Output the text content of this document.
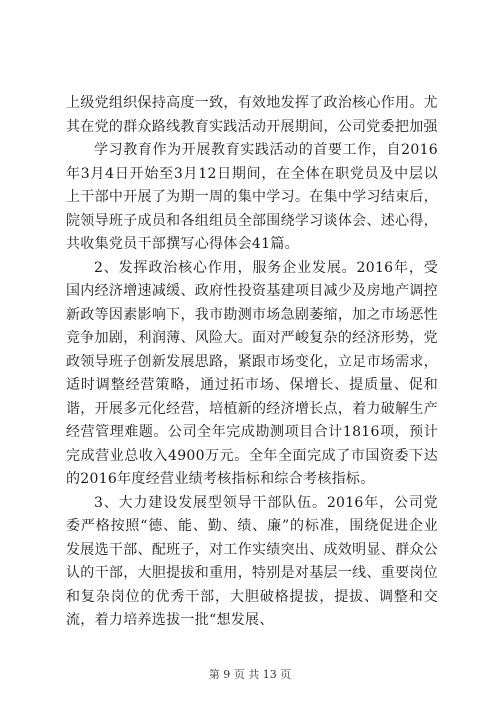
上级党组织保持高度一致，有效地发挥了政治核心作用。尤其在党的群众路线教育实践活动开展期间，公司党委把加强

学习教育作为开展教育实践活动的首要工作，自2016年3月4日开始至3月12日期间，在全体在职党员及中层以上干部中开展了为期一周的集中学习。在集中学习结束后，院领导班子成员和各组组员全部围绕学习谈体会、述心得，共收集党员干部撰写心得体会41篇。

2、发挥政治核心作用，服务企业发展。2016年，受国内经济增速减缓、政府性投资基建项目减少及房地产调控新政等因素影响下，我市勘测市场急剧萎缩，加之市场恶性竞争加剧，利润薄、风险大。面对严峻复杂的经济形势，党政领导班子创新发展思路，紧跟市场变化，立足市场需求，适时调整经营策略，通过拓市场、保增长、提质量、促和谐，开展多元化经营，培植新的经济增长点，着力破解生产经营管理难题。公司全年完成勘测项目合计1816项，预计完成营业总收入4900万元。全年全面完成了市国资委下达的2016年度经营业绩考核指标和综合考核指标。

3、大力建设发展型领导干部队伍。2016年，公司党委严格按照“德、能、勤、绩、廉”的标准，围绕促进企业发展选干部、配班子，对工作实绩突出、成效明显、群众公认的干部，大胆提拔和重用，特别是对基层一线、重要岗位和复杂岗位的优秀干部，大胆破格提拔，提拔、调整和交流，着力培养选拔一批“想发展、

第 9 页 共 13 页
